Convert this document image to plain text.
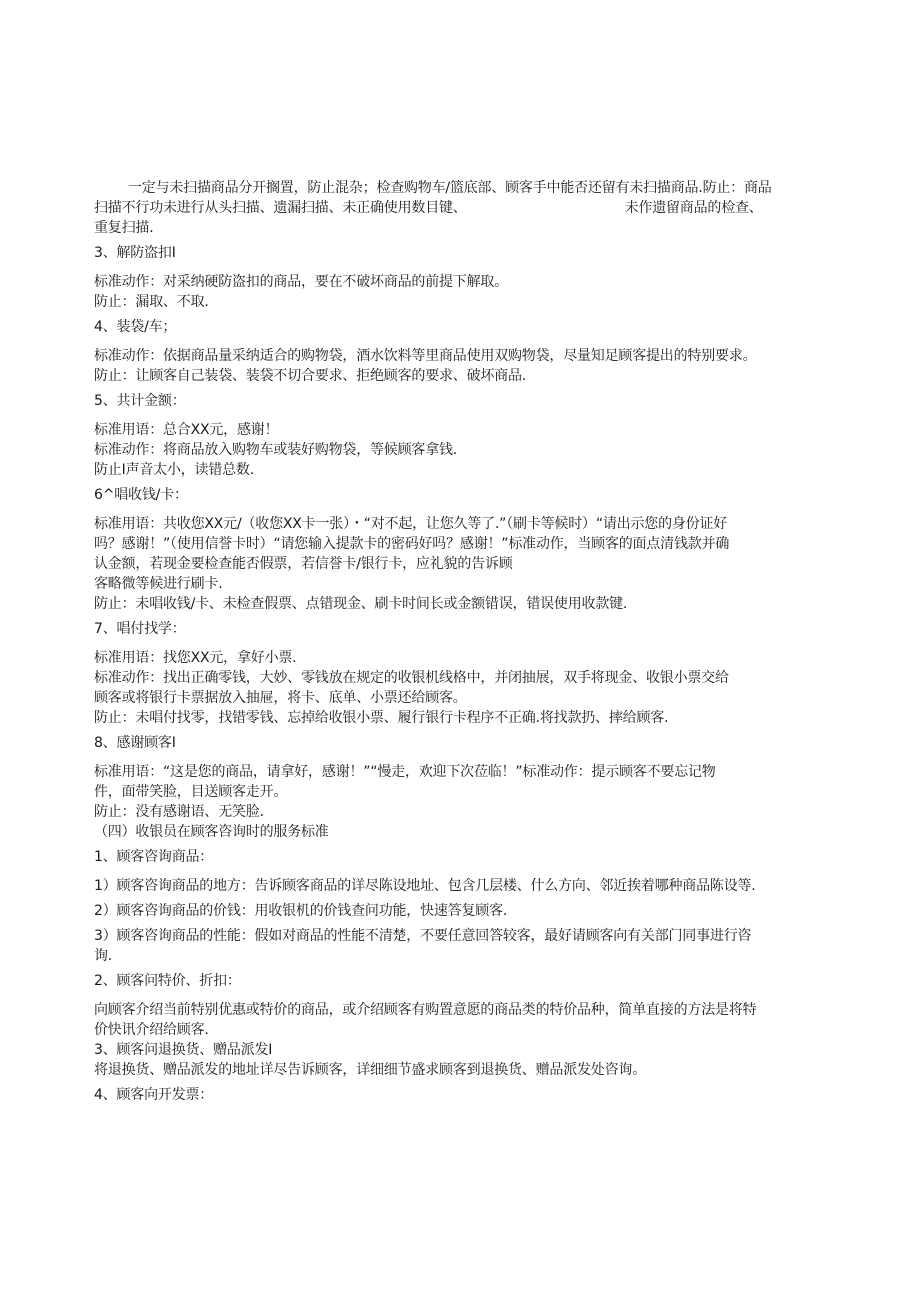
一定与未扫描商品分开搁置，防止混杂；检查购物车/篮底部、顾客手中能否还留有未扫描商品.防止：商品
扫描不行功未进行从头扫描、遗漏扫描、未正确使用数目键、	未作遗留商品的检查、
重复扫描.
3、解防盗扣I
标准动作：对采纳硬防盗扣的商品，要在不破坏商品的前提下解取。
防止：漏取、不取.
4、装袋/车；
标准动作：依据商品量采纳适合的购物袋，酒水饮料等里商品使用双购物袋，尽量知足顾客提出的特别要求。
防止：让顾客自己装袋、装袋不切合要求、拒绝顾客的要求、破坏商品.
5、共计金额：
标准用语：总合XX元，感谢！
标准动作：将商品放入购物车或装好购物袋，等候顾客拿钱.
防止I声音太小，读错总数.
6^唱收钱/卡：
标准用语：共收您XX元/（收您XX卡一张）・“对不起，让您久等了.”（刷卡等候时）“请出示您的身份证好
吗？感谢！”（使用信誉卡时）“请您输入提款卡的密码好吗？感谢！”标准动作，当顾客的面点清钱款并确
认金额，若现金要检查能否假票，若信誉卡/银行卡，应礼貌的告诉顾
客略微等候进行刷卡.
防止：未唱收钱/卡、未检查假票、点错现金、刷卡时间长或金额错误，错误使用收款键.
7、唱付找学：
标准用语：找您XX元，拿好小票.
标准动作：找出正确零钱，大妙、零钱放在规定的收银机线格中，并闭抽展，双手将现金、收银小票交给
顾客或将银行卡票据放入抽屉，将卡、底单、小票还给顾客。
防止：未唱付找零，找错零钱、忘掉给收银小票、履行银行卡程序不正确.将找款扔、摔给顾客.
8、感谢顾客I
标准用语：“这是您的商品，请拿好，感谢！”“慢走，欢迎下次莅临！”标准动作：提示顾客不要忘记物
件，面带笑脸，目送顾客走开。
防止：没有感谢语、无笑脸.
（四）收银员在顾客咨询时的服务标准
1、顾客咨询商品：
1）顾客咨询商品的地方：告诉顾客商品的详尽陈设地址、包含几层楼、什么方向、邻近挨着哪种商品陈设等.
2）顾客咨询商品的价钱：用收银机的价钱查问功能，快速答复顾客.
3）顾客咨询商品的性能：假如对商品的性能不清楚，不要任意回答较客，最好请顾客向有关部门同事进行咨
询.
2、顾客问特价、折扣：
向顾客介绍当前特别优惠或特价的商品，或介绍顾客有购置意愿的商品类的特价品种，简单直接的方法是将特
价快讯介绍给顾客.
3、顾客问退换货、赠品派发I
将退换货、赠品派发的地址详尽告诉顾客，详细细节盛求顾客到退换货、赠品派发处咨询。
4、顾客向开发票：
